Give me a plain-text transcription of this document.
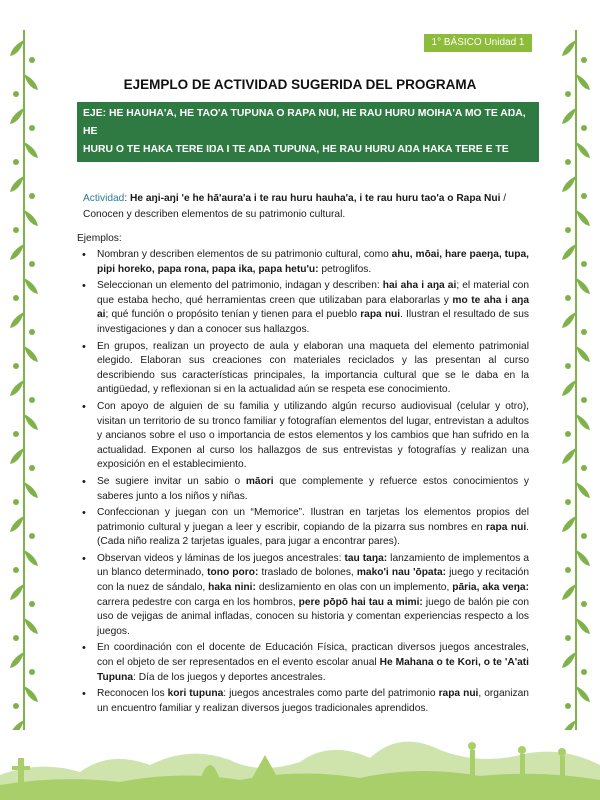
1° BÁSICO Unidad 1
EJEMPLO DE ACTIVIDAD SUGERIDA DEL PROGRAMA
EJE: HE HAUHA'A, HE TAO'A TUPUNA O RAPA NUI, HE RAU HURU MOIHA'A MO TE AŊA, HE
HURU O TE HAKA TERE IŊA I TE AŊA TUPUNA, HE RAU HURU AŊA HAKA TERE E TE TUPUNA /
PATRIMONIO, TECNOLOGÍAS, TÉCNICAS, CIENCIAS Y ARTES ANCESTRALES.
Actividad: He aŋi-aŋi 'e he hā'aura'a i te rau huru hauha'a, i te rau huru tao'a o Rapa Nui /
Conocen y describen elementos de su patrimonio cultural.
Ejemplos:
• Nombran y describen elementos de su patrimonio cultural, como ahu, mōai, hare paeŋa, tupa, pipi horeko, papa rona, papa ika, papa hetu'u: petroglifos.
• Seleccionan un elemento del patrimonio, indagan y describen: hai aha i aŋa ai; el material con que estaba hecho, qué herramientas creen que utilizaban para elaborarlas y mo te aha i aŋa ai; qué función o propósito tenían y tienen para el pueblo rapa nui. Ilustran el resultado de sus investigaciones y dan a conocer sus hallazgos.
• En grupos, realizan un proyecto de aula y elaboran una maqueta del elemento patrimonial elegido. Elaboran sus creaciones con materiales reciclados y las presentan al curso describiendo sus características principales, la importancia cultural que se le daba en la antigüedad, y reflexionan si en la actualidad aún se respeta ese conocimiento.
• Con apoyo de alguien de su familia y utilizando algún recurso audiovisual (celular y otro), visitan un territorio de su tronco familiar y fotografían elementos del lugar, entrevistan a adultos y ancianos sobre el uso o importancia de estos elementos y los cambios que han sufrido en la actualidad. Exponen al curso los hallazgos de sus entrevistas y fotografías y realizan una exposición en el establecimiento.
• Se sugiere invitar un sabio o māori que complemente y refuerce estos conocimientos y saberes junto a los niños y niñas.
• Confeccionan y juegan con un “Memorice”. Ilustran en tarjetas los elementos propios del patrimonio cultural y juegan a leer y escribir, copiando de la pizarra sus nombres en rapa nui. (Cada niño realiza 2 tarjetas iguales, para jugar a encontrar pares).
• Observan videos y láminas de los juegos ancestrales: tau taŋa: lanzamiento de implementos a un blanco determinado, tono poro: traslado de bolones, mako'i nau 'ōpata: juego y recitación con la nuez de sándalo, haka nini: deslizamiento en olas con un implemento, pāria, aka veŋa: carrera pedestre con carga en los hombros, pere pōpō hai tau a mimi: juego de balón pie con uso de vejigas de animal infladas, conocen su historia y comentan experiencias respecto a los juegos.
• En coordinación con el docente de Educación Física, practican diversos juegos ancestrales, con el objeto de ser representados en el evento escolar anual He Mahana o te Kori, o te 'A'ati Tupuna: Día de los juegos y deportes ancestrales.
• Reconocen los kori tupuna: juegos ancestrales como parte del patrimonio rapa nui, organizan un encuentro familiar y realizan diversos juegos tradicionales aprendidos.
